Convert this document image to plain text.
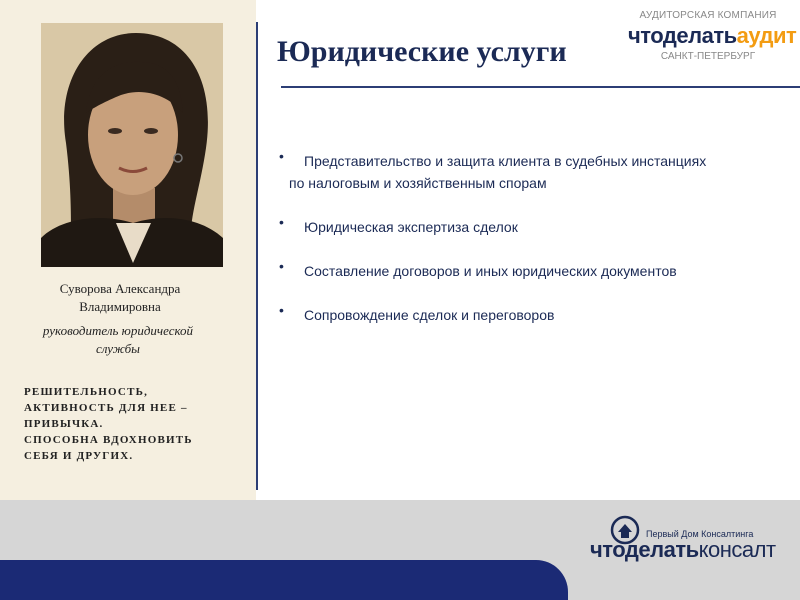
Суворова Александра
Владимировна
руководитель юридической
службы
РЕШИТЕЛЬНОСТЬ,
АКТИВНОСТЬ ДЛЯ НЕЕ –
ПРИВЫЧКА.
СПОСОБНА ВДОХНОВИТЬ
СЕБЯ И ДРУГИХ.
Юридические услуги
АУДИТОРСКАЯ КОМПАНИЯ
чтоделатьаудит
САНКТ-ПЕТЕРБУРГ
• Представительство и защита клиента в судебных инстанциях
по налоговым и хозяйственным спорам
• Юридическая экспертиза сделок
• Составление договоров и иных юридических документов
• Сопровождение сделок и переговоров
Первый Дом Консалтинга
чтоделатьконсалт
